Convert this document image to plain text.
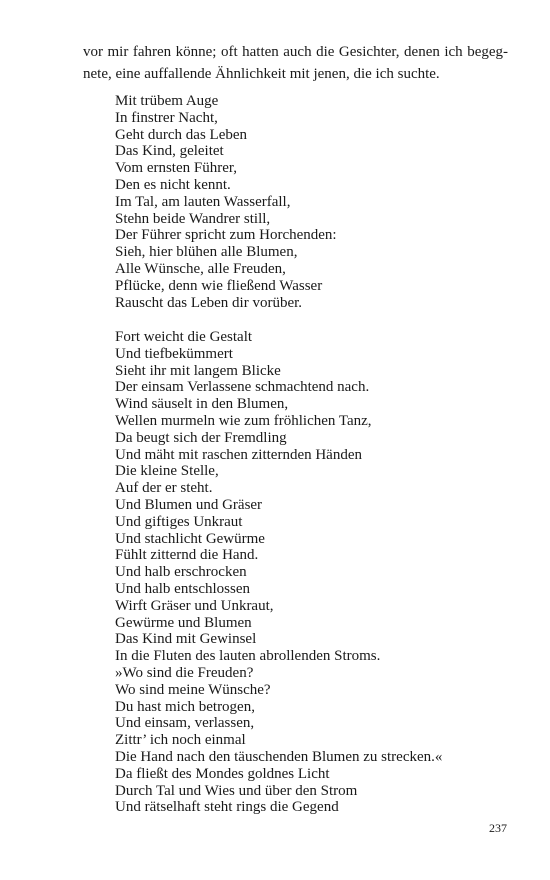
vor mir fahren könne; oft hatten auch die Gesichter, denen ich begeg-
nete, eine auffallende Ähnlichkeit mit jenen, die ich suchte.
Mit trübem Auge
In finstrer Nacht,
Geht durch das Leben
Das Kind, geleitet
Vom ernsten Führer,
Den es nicht kennt.
Im Tal, am lauten Wasserfall,
Stehn beide Wandrer still,
Der Führer spricht zum Horchenden:
Sieh, hier blühen alle Blumen,
Alle Wünsche, alle Freuden,
Pflücke, denn wie fließend Wasser
Rauscht das Leben dir vorüber.
Fort weicht die Gestalt
Und tiefbekümmert
Sieht ihr mit langem Blicke
Der einsam Verlassene schmachtend nach.
Wind säuselt in den Blumen,
Wellen murmeln wie zum fröhlichen Tanz,
Da beugt sich der Fremdling
Und mäht mit raschen zitternden Händen
Die kleine Stelle,
Auf der er steht.
Und Blumen und Gräser
Und giftiges Unkraut
Und stachlicht Gewürme
Fühlt zitternd die Hand.
Und halb erschrocken
Und halb entschlossen
Wirft Gräser und Unkraut,
Gewürme und Blumen
Das Kind mit Gewinsel
In die Fluten des lauten abrollenden Stroms.
»Wo sind die Freuden?
Wo sind meine Wünsche?
Du hast mich betrogen,
Und einsam, verlassen,
Zittr’ ich noch einmal
Die Hand nach den täuschenden Blumen zu strecken.«
Da fließt des Mondes goldnes Licht
Durch Tal und Wies und über den Strom
Und rätselhaft steht rings die Gegend
237
